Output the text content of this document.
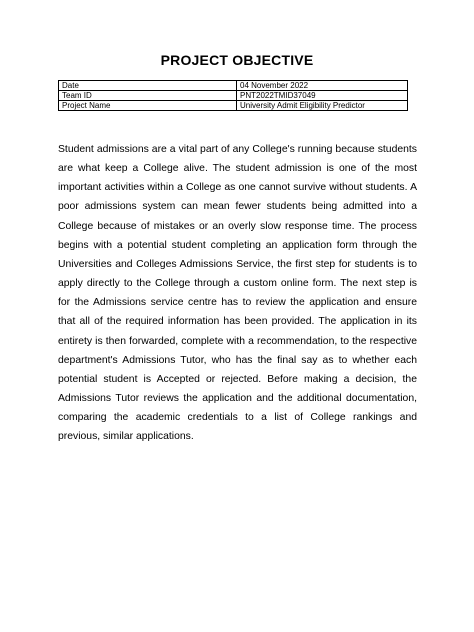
PROJECT OBJECTIVE
Date	04 November 2022
Team ID	PNT2022TMID37049
Project Name	University Admit Eligibility Predictor

Student admissions are a vital part of any College's running because students are what keep a College alive. The student admission is one of the most important activities within a College as one cannot survive without students. A poor admissions system can mean fewer students being admitted into a College because of mistakes or an overly slow response time. The process begins with a potential student completing an application form through the Universities and Colleges Admissions Service, the first step for students is to apply directly to the College through a custom online form. The next step is for the Admissions service centre has to review the application and ensure that all of the required information has been provided. The application in its entirety is then forwarded, complete with a recommendation, to the respective department's Admissions Tutor, who has the final say as to whether each potential student is Accepted or rejected. Before making a decision, the Admissions Tutor reviews the application and the additional documentation, comparing the academic credentials to a list of College rankings and previous, similar applications.
